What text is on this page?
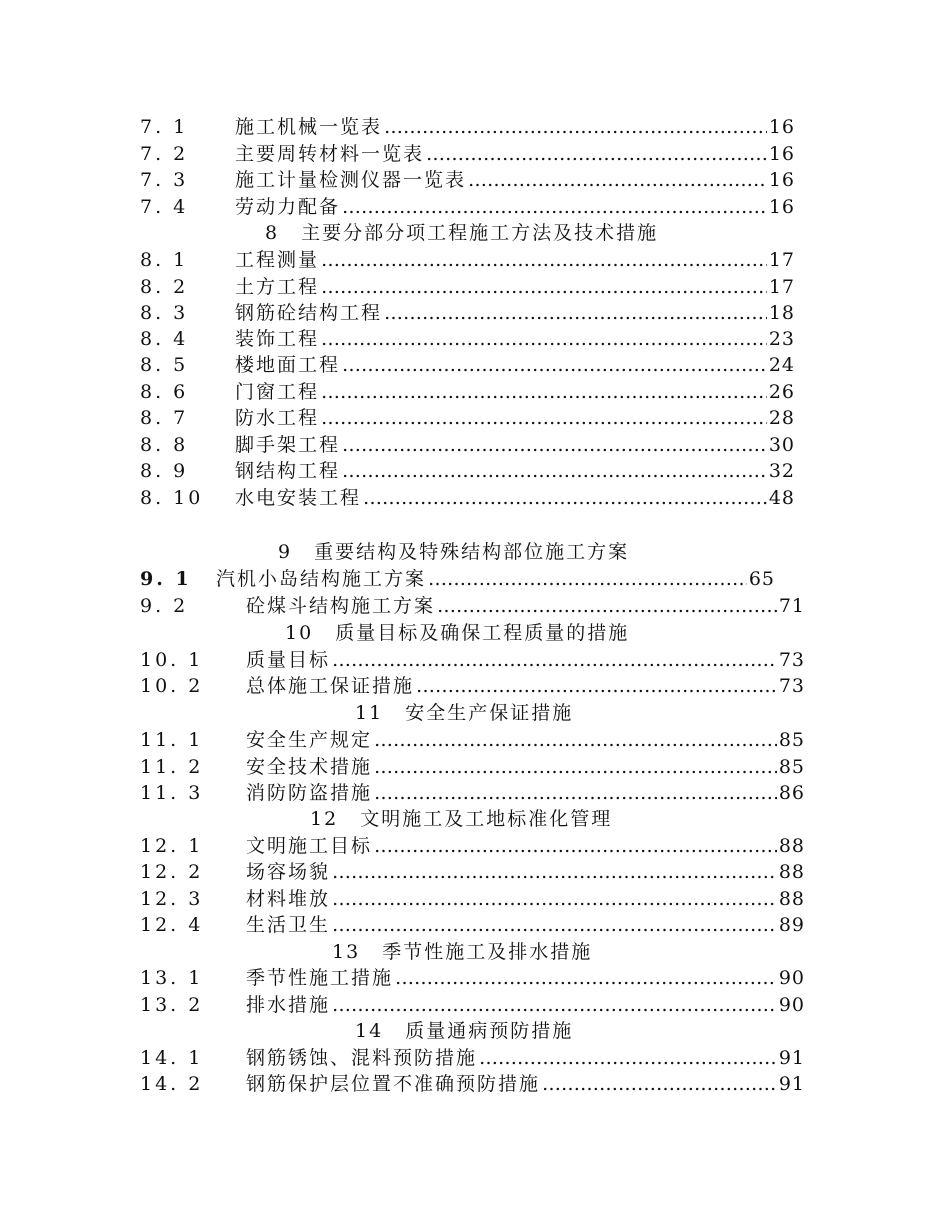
7. 1 施工机械一览表 ……………………………………………………………………………………………………………………………………	16
7. 2 主要周转材料一览表 ……………………………………………………………………………………………………………………………………	16
7. 3 施工计量检测仪器一览表 ……………………………………………………………………………………………………………………………………	16
7. 4 劳动力配备 ……………………………………………………………………………………………………………………………………	16
8 主要分部分项工程施工方法及技术措施
8. 1 工程测量 ……………………………………………………………………………………………………………………………………	17
8. 2 土方工程 ……………………………………………………………………………………………………………………………………	17
8. 3 钢筋砼结构工程 ……………………………………………………………………………………………………………………………………	18
8. 4 装饰工程 ……………………………………………………………………………………………………………………………………	23
8. 5 楼地面工程 ……………………………………………………………………………………………………………………………………	24
8. 6 门窗工程 ……………………………………………………………………………………………………………………………………	26
8. 7 防水工程 ……………………………………………………………………………………………………………………………………	28
8. 8 脚手架工程 ……………………………………………………………………………………………………………………………………	30
8. 9 钢结构工程 ……………………………………………………………………………………………………………………………………	32
8. 10 水电安装工程 ……………………………………………………………………………………………………………………………………	48
9 重要结构及特殊结构部位施工方案
9. 1 汽机小岛结构施工方案 ……………………………………………………………………………………………………………………………………	65
9. 2	砼煤斗结构施工方案 ……………………………………………………………………………………………………………………………………	71
10 质量目标及确保工程质量的措施
10. 1 质量目标 ……………………………………………………………………………………………………………………………………	73
10. 2 总体施工保证措施 ……………………………………………………………………………………………………………………………………	73
11 安全生产保证措施
11. 1 安全生产规定 ……………………………………………………………………………………………………………………………………	85
11. 2 安全技术措施 ……………………………………………………………………………………………………………………………………	85
11. 3 消防防盗措施 ……………………………………………………………………………………………………………………………………	86
12 文明施工及工地标准化管理
12. 1 文明施工目标 ……………………………………………………………………………………………………………………………………	88
12. 2 场容场貌 ……………………………………………………………………………………………………………………………………	88
12. 3 材料堆放 ……………………………………………………………………………………………………………………………………	88
12. 4 生活卫生 ……………………………………………………………………………………………………………………………………	89
13 季节性施工及排水措施
13. 1 季节性施工措施 ……………………………………………………………………………………………………………………………………	90
13. 2 排水措施 ……………………………………………………………………………………………………………………………………	90
14 质量通病预防措施
14. 1 钢筋锈蚀、混料预防措施 ……………………………………………………………………………………………………………………………………	91
14. 2 钢筋保护层位置不准确预防措施 ……………………………………………………………………………………………………………………………………	91
